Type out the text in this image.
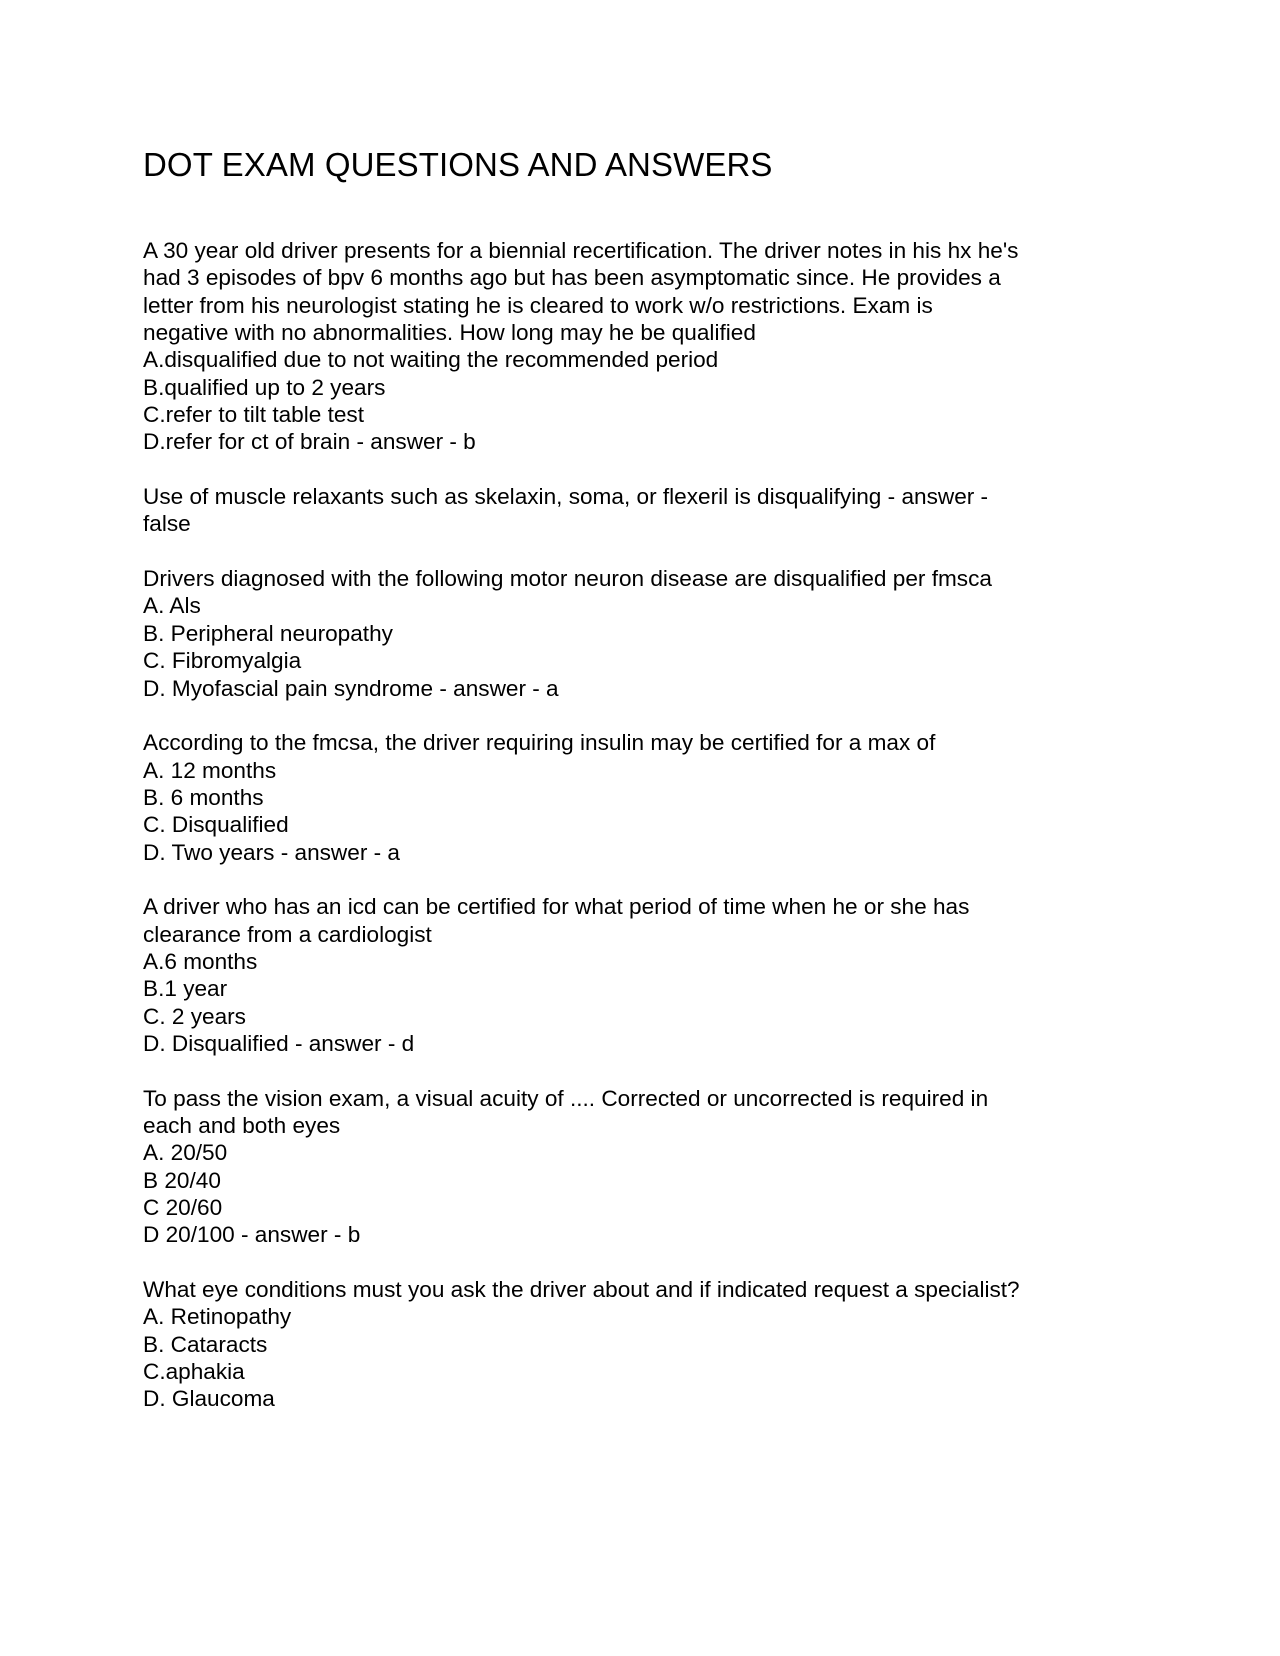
DOT EXAM QUESTIONS AND ANSWERS
A 30 year old driver presents for a biennial recertification. The driver notes in his hx he's
had 3 episodes of bpv 6 months ago but has been asymptomatic since. He provides a
letter from his neurologist stating he is cleared to work w/o restrictions. Exam is
negative with no abnormalities. How long may he be qualified
A.disqualified due to not waiting the recommended period
B.qualified up to 2 years
C.refer to tilt table test
D.refer for ct of brain - answer - b
Use of muscle relaxants such as skelaxin, soma, or flexeril is disqualifying - answer -
false
Drivers diagnosed with the following motor neuron disease are disqualified per fmsca
A. Als
B. Peripheral neuropathy
C. Fibromyalgia
D. Myofascial pain syndrome - answer - a
According to the fmcsa, the driver requiring insulin may be certified for a max of
A. 12 months
B. 6 months
C. Disqualified
D. Two years - answer - a
A driver who has an icd can be certified for what period of time when he or she has
clearance from a cardiologist
A.6 months
B.1 year
C. 2 years
D. Disqualified - answer - d
To pass the vision exam, a visual acuity of .... Corrected or uncorrected is required in
each and both eyes
A. 20/50
B 20/40
C 20/60
D 20/100 - answer - b
What eye conditions must you ask the driver about and if indicated request a specialist?
A. Retinopathy
B. Cataracts
C.aphakia
D. Glaucoma
